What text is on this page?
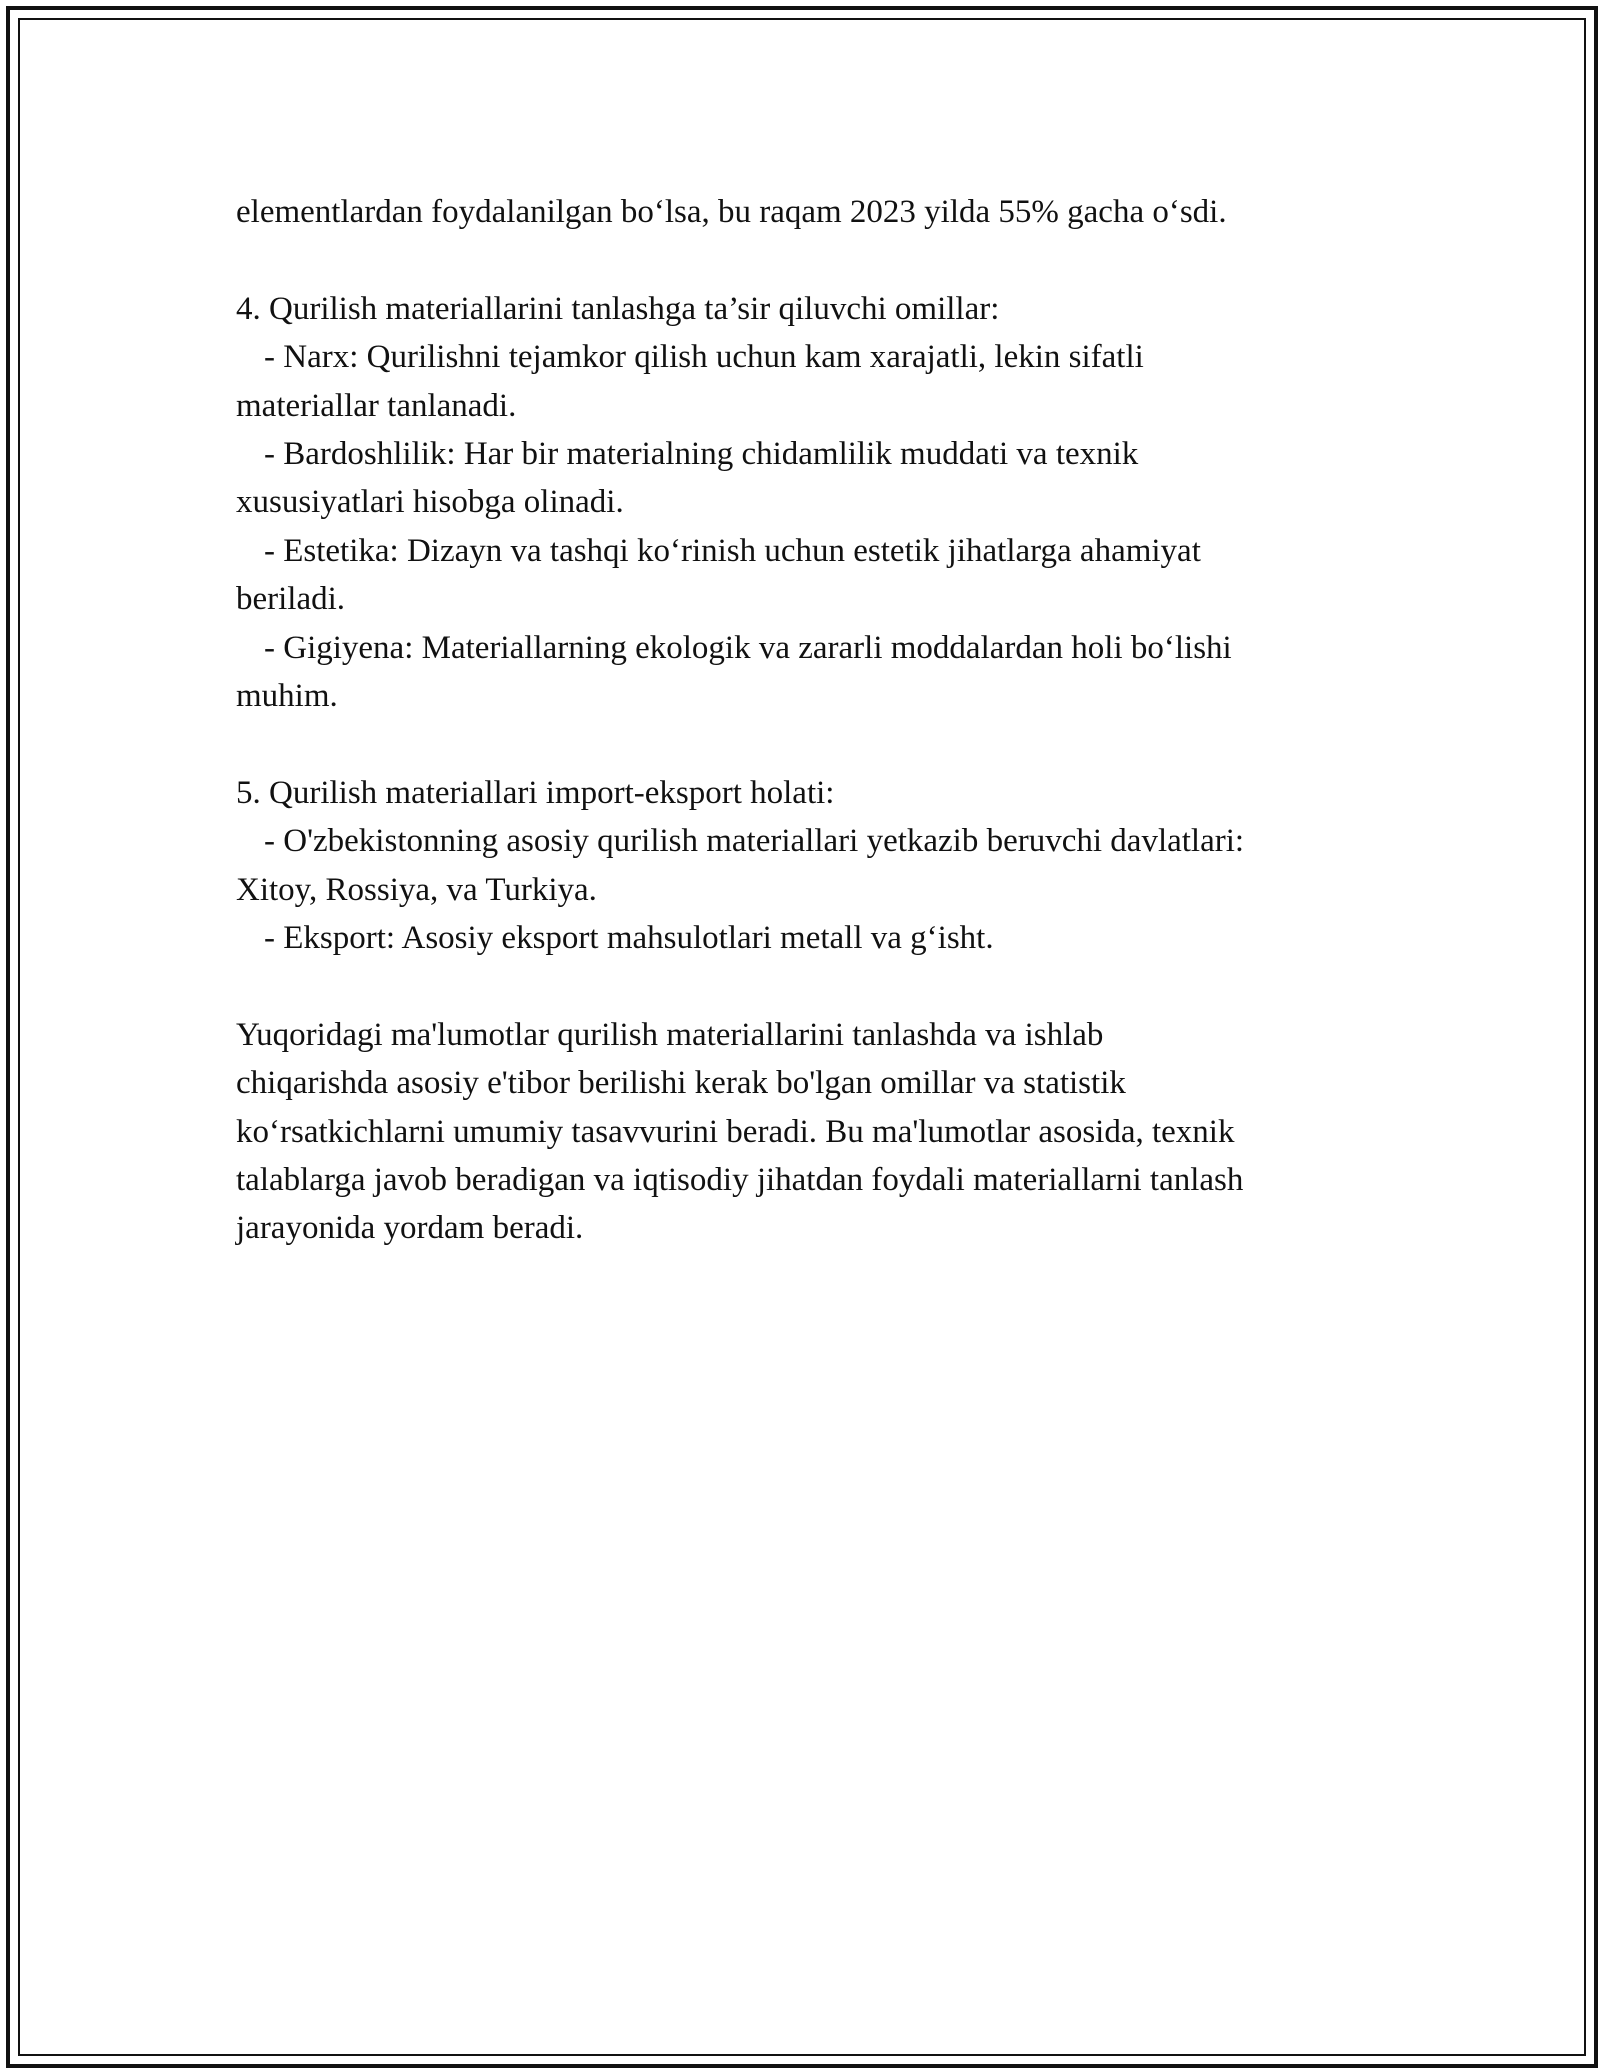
elementlardan foydalanilgan bo‘lsa, bu raqam 2023 yilda 55% gacha o‘sdi.
4. Qurilish materiallarini tanlashga ta’sir qiluvchi omillar:
- Narx: Qurilishni tejamkor qilish uchun kam xarajatli, lekin sifatli
materiallar tanlanadi.
- Bardoshlilik: Har bir materialning chidamlilik muddati va texnik
xususiyatlari hisobga olinadi.
- Estetika: Dizayn va tashqi ko‘rinish uchun estetik jihatlarga ahamiyat
beriladi.
- Gigiyena: Materiallarning ekologik va zararli moddalardan holi bo‘lishi
muhim.
5. Qurilish materiallari import-eksport holati:
- O'zbekistonning asosiy qurilish materiallari yetkazib beruvchi davlatlari:
Xitoy, Rossiya, va Turkiya.
- Eksport: Asosiy eksport mahsulotlari metall va g‘isht.
Yuqoridagi ma'lumotlar qurilish materiallarini tanlashda va ishlab
chiqarishda asosiy e'tibor berilishi kerak bo'lgan omillar va statistik
ko‘rsatkichlarni umumiy tasavvurini beradi. Bu ma'lumotlar asosida, texnik
talablarga javob beradigan va iqtisodiy jihatdan foydali materiallarni tanlash
jarayonida yordam beradi.
